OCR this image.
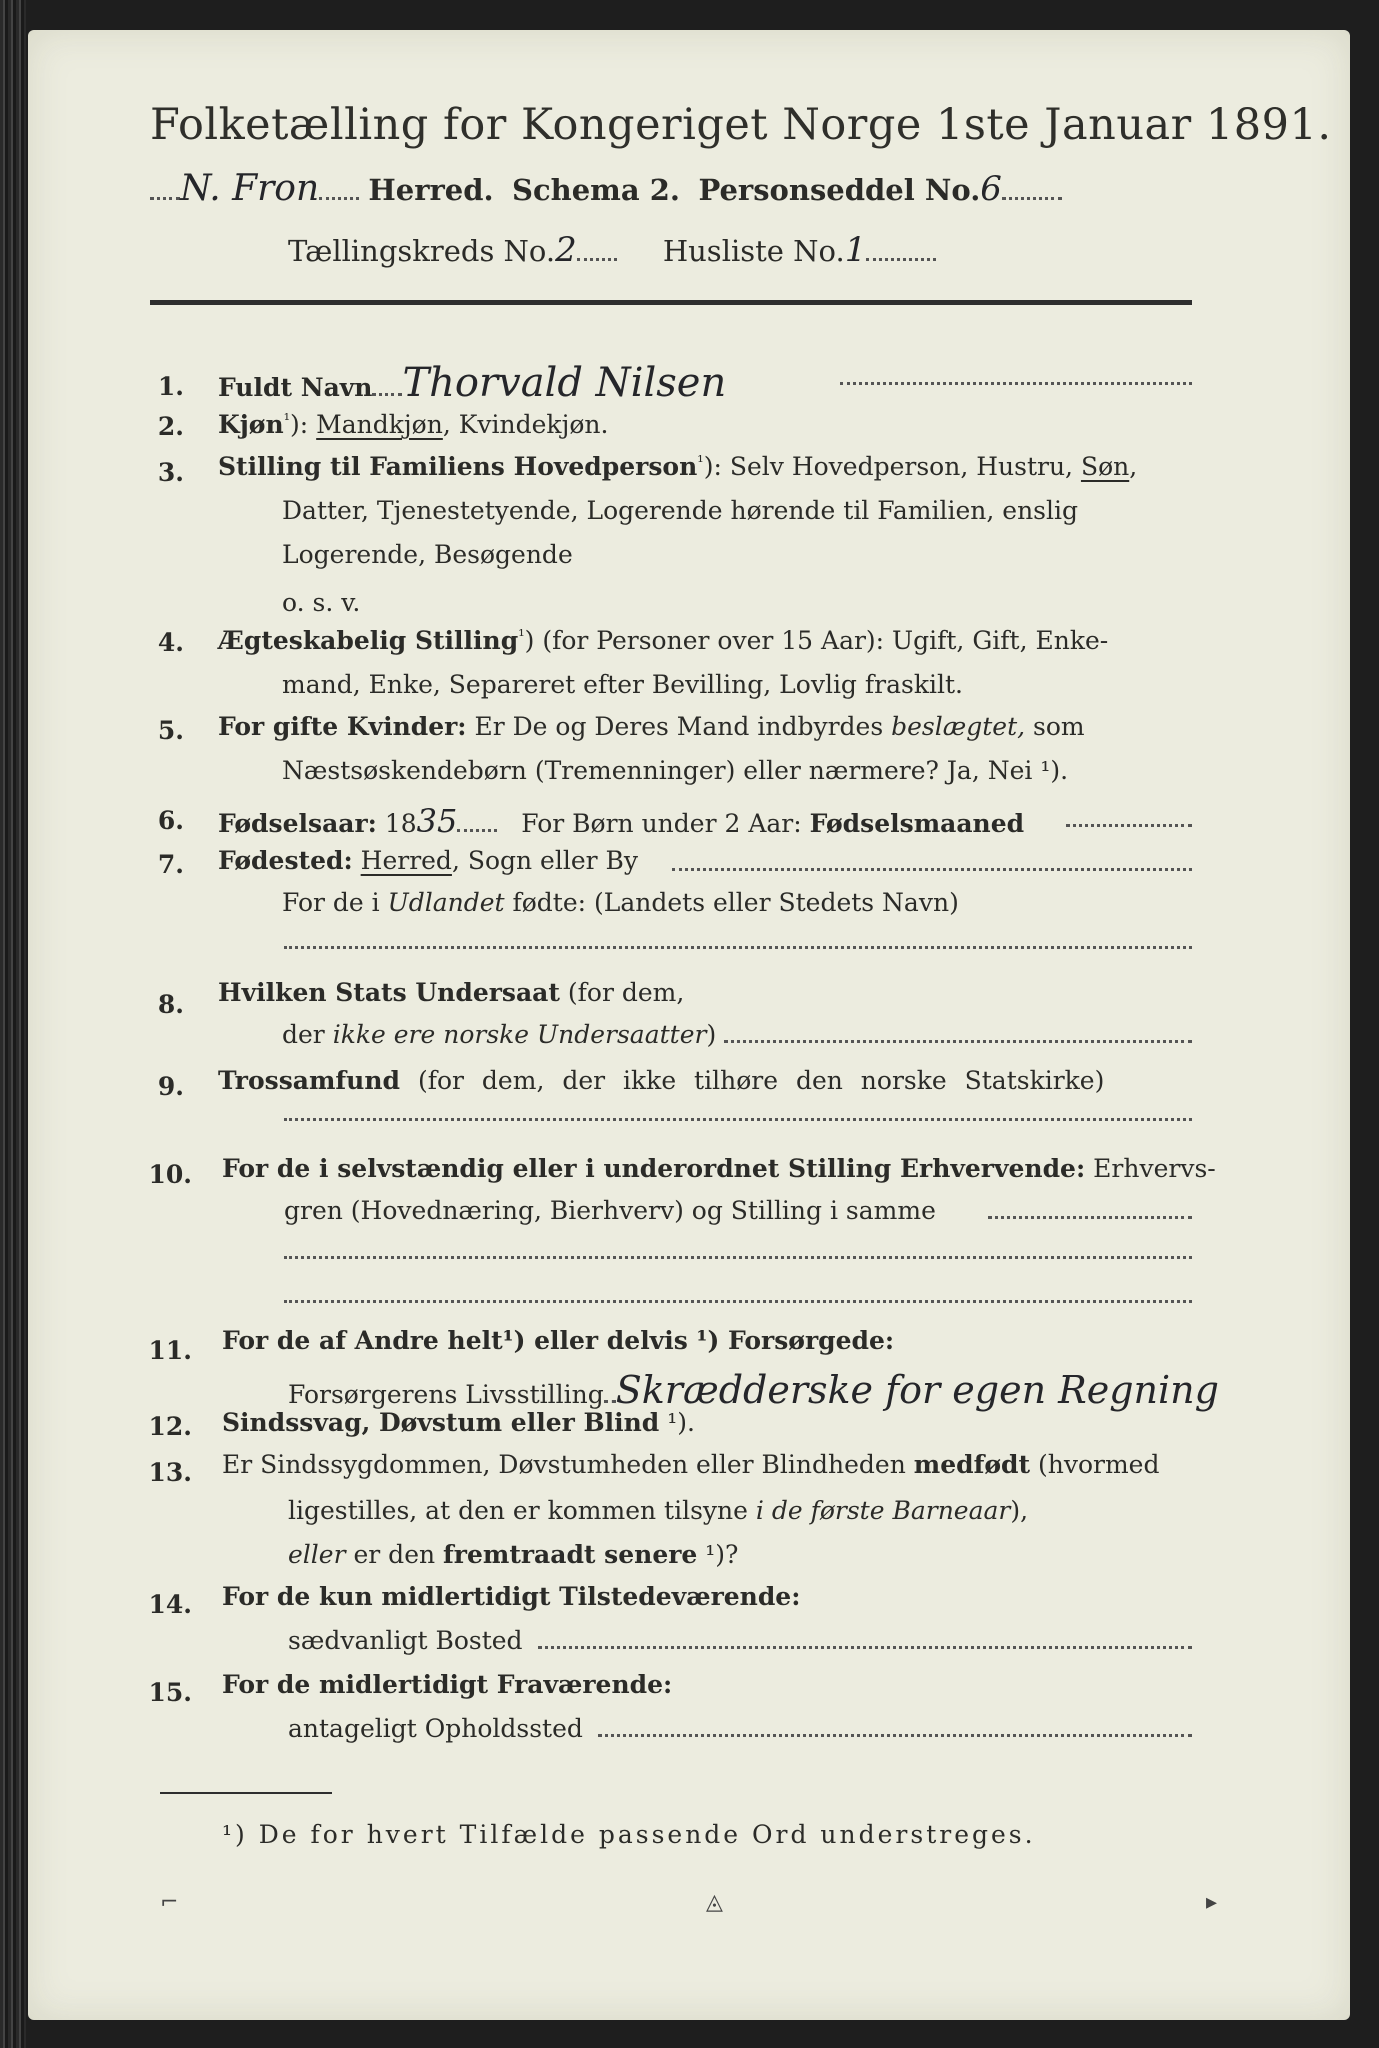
Folketælling for Kongeriget Norge 1ste Januar 1891.
N. Fron Herred. Schema 2. Personseddel No.6
Tællingskreds No.2	Husliste No.1
1. Fuldt Navn Thorvald Nilsen
2. Kjøn$^{^1}$): Mandkjøn, Kvindekjøn.
3. Stilling til Familiens Hovedperson$^{^1}$): Selv Hovedperson, Hustru, Søn,
Datter, Tjenestetyende, Logerende hørende til Familien, enslig
Logerende, Besøgende
o. s. v.
4. Ægteskabelig Stilling$^{^1}$) (for Personer over 15 Aar): Ugift, Gift, Enke-
mand, Enke, Separeret efter Bevilling, Lovlig fraskilt.
5. For gifte Kvinder: Er De og Deres Mand indbyrdes beslægtet, som
Næstsøskendebørn (Tremenninger) eller nærmere? Ja, Nei ¹).
6. Fødselsaar: 1835	For Børn under 2 Aar: Fødselsmaaned
7. Fødested: Herred, Sogn eller By
For de i Udlandet fødte: (Landets eller Stedets Navn)
8. Hvilken Stats Undersaat (for dem,
der ikke ere norske Undersaatter)
9. Trossamfund (for dem, der ikke tilhøre den norske Statskirke)
10. For de i selvstændig eller i underordnet Stilling Erhvervende: Erhvervs-
gren (Hovednæring, Bierhverv) og Stilling i samme
11. For de af Andre helt¹) eller delvis ¹) Forsørgede:
Forsørgerens Livsstilling Skrædderske for egen Regning
12. Sindssvag, Døvstum eller Blind ¹).
13. Er Sindssygdommen, Døvstumheden eller Blindheden medfødt (hvormed
ligestilles, at den er kommen tilsyne i de første Barneaar),
eller er den fremtraadt senere ¹)?
14. For de kun midlertidigt Tilstedeværende:
sædvanligt Bosted
15. For de midlertidigt Fraværende:
antageligt Opholdssted
¹) De for hvert Tilfælde passende Ord understreges.
⌐	◬	▸
